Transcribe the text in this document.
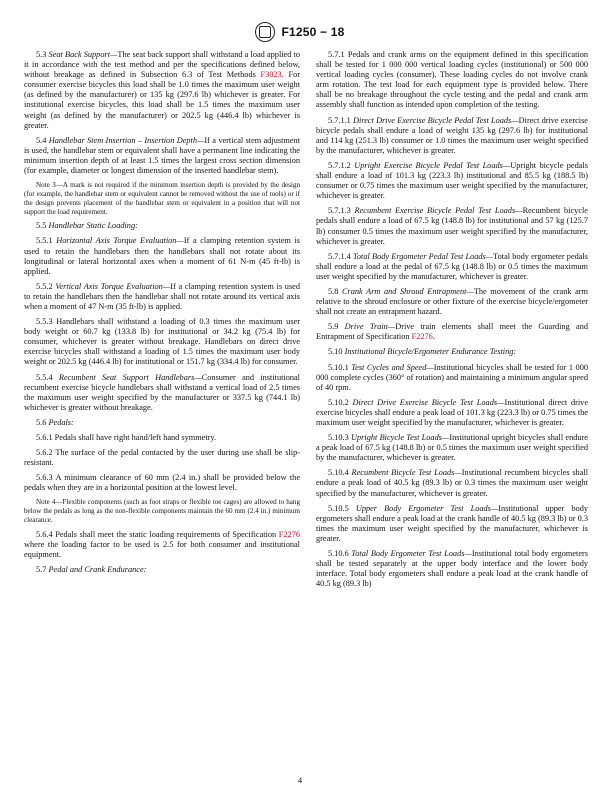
F1250 − 18

5.3 Seat Back Support—The seat back support shall withstand a load applied to it in accordance with the test method and per the specifications defined below, without breakage as defined in Subsection 6.3 of Test Methods F3023. For consumer exercise bicycles this load shall be 1.0 times the maximum user weight (as defined by the manufacturer) or 135 kg (297.6 lb) whichever is greater. For institutional exercise bicycles, this load shall be 1.5 times the maximum user weight (as defined by the manufacturer) or 202.5 kg (446.4 lb) whichever is greater.

5.4 Handlebar Stem Insertion – Insertion Depth—If a vertical stem adjustment is used, the handlebar stem or equivalent shall have a permanent line indicating the minimum insertion depth of at least 1.5 times the largest cross section dimension (for example, diameter or longest dimension of the inserted handlebar stem).

Note 3—A mark is not required if the minimum insertion depth is provided by the design (for example, the handlebar stem or equivalent cannot be removed without the use of tools) or if the design prevents placement of the handlebar stem or equivalent in a position that will not support the load requirement.

5.5 Handlebar Static Loading:

5.5.1 Horizontal Axis Torque Evaluation—If a clamping retention system is used to retain the handlebars then the handlebars shall not rotate about its longitudinal or lateral horizontal axes when a moment of 61 N-m (45 ft-lb) is applied.

5.5.2 Vertical Axis Torque Evaluation—If a clamping retention system is used to retain the handlebars then the handlebar shall not rotate around its vertical axis when a moment of 47 N-m (35 ft-lb) is applied.

5.5.3 Handlebars shall withstand a loading of 0.3 times the maximum user body weight or 60.7 kg (133.8 lb) for institutional or 34.2 kg (75.4 lb) for consumer, whichever is greater without breakage. Handlebars on direct drive exercise bicycles shall withstand a loading of 1.5 times the maximum user body weight or 202.5 kg (446.4 lb) for institutional or 151.7 kg (334.4 lb) for consumer.

5.5.4 Recumbent Seat Support Handlebars—Consumer and institutional recumbent exercise bicycle handlebars shall withstand a vertical load of 2.5 times the maximum user weight specified by the manufacturer or 337.5 kg (744.1 lb) whichever is greater without breakage.

5.6 Pedals:

5.6.1 Pedals shall have right hand/left hand symmetry.

5.6.2 The surface of the pedal contacted by the user during use shall be slip-resistant.

5.6.3 A minimum clearance of 60 mm (2.4 in.) shall be provided below the pedals when they are in a horizontal position at the lowest level.

Note 4—Flexible components (such as foot straps or flexible toe cages) are allowed to hang below the pedals as long as the non-flexible components maintain the 60 mm (2.4 in.) minimum clearance.

5.6.4 Pedals shall meet the static loading requirements of Specification F2276 where the loading factor to be used is 2.5 for both consumer and institutional equipment.

5.7 Pedal and Crank Endurance:

5.7.1 Pedals and crank arms on the equipment defined in this specification shall be tested for 1 000 000 vertical loading cycles (institutional) or 500 000 vertical loading cycles (consumer). These loading cycles do not involve crank arm rotation. The test load for each equipment type is provided below. There shall be no breakage throughout the cycle testing and the pedal and crank arm assembly shall function as intended upon completion of the testing.

5.7.1.1 Direct Drive Exercise Bicycle Pedal Test Loads—Direct drive exercise bicycle pedals shall endure a load of weight 135 kg (297.6 lb) for institutional and 114 kg (251.3 lb) consumer or 1.0 times the maximum user weight specified by the manufacturer, whichever is greater.

5.7.1.2 Upright Exercise Bicycle Pedal Test Loads—Upright bicycle pedals shall endure a load of 101.3 kg (223.3 lb) institutional and 85.5 kg (188.5 lb) consumer or 0.75 times the maximum user weight specified by the manufacturer, whichever is greater.

5.7.1.3 Recumbent Exercise Bicycle Pedal Test Loads—Recumbent bicycle pedals shall endure a load of 67.5 kg (148.8 lb) for institutional and 57 kg (125.7 lb) consumer 0.5 times the maximum user weight specified by the manufacturer, whichever is greater.

5.7.1.4 Total Body Ergometer Pedal Test Loads—Total body ergometer pedals shall endure a load at the pedal of 67.5 kg (148.8 lb) or 0.5 times the maximum user weight specified by the manufacturer, whichever is greater.

5.8 Crank Arm and Shroud Entrapment—The movement of the crank arm relative to the shroud enclosure or other fixture of the exercise bicycle/ergometer shall not create an entrapment hazard.

5.9 Drive Train—Drive train elements shall meet the Guarding and Entrapment of Specification F2276.

5.10 Institutional Bicycle/Ergometer Endurance Testing:

5.10.1 Test Cycles and Speed—Institutional bicycles shall be tested for 1 000 000 complete cycles (360° of rotation) and maintaining a minimum angular speed of 40 rpm.

5.10.2 Direct Drive Exercise Bicycle Test Loads—Institutional direct drive exercise bicycles shall endure a peak load of 101.3 kg (223.3 lb) or 0.75 times the maximum user weight specified by the manufacturer, whichever is greater.

5.10.3 Upright Bicycle Test Loads—Institutional upright bicycles shall endure a peak load of 67.5 kg (148.8 lb) or 0.5 times the maximum user weight specified by the manufacturer, whichever is greater.

5.10.4 Recumbent Bicycle Test Loads—Institutional recumbent bicycles shall endure a peak load of 40.5 kg (89.3 lb) or 0.3 times the maximum user weight specified by the manufacturer, whichever is greater.

5.10.5 Upper Body Ergometer Test Loads—Institutional upper body ergometers shall endure a peak load at the crank handle of 40.5 kg (89.3 lb) or 0.3 times the maximum user weight specified by the manufacturer, whichever is greater.

5.10.6 Total Body Ergometer Test Loads—Institutional total body ergometers shall be tested separately at the upper body interface and the lower body interface. Total body ergometers shall endure a peak load at the crank handle of 40.5 kg (89.3 lb)

4
